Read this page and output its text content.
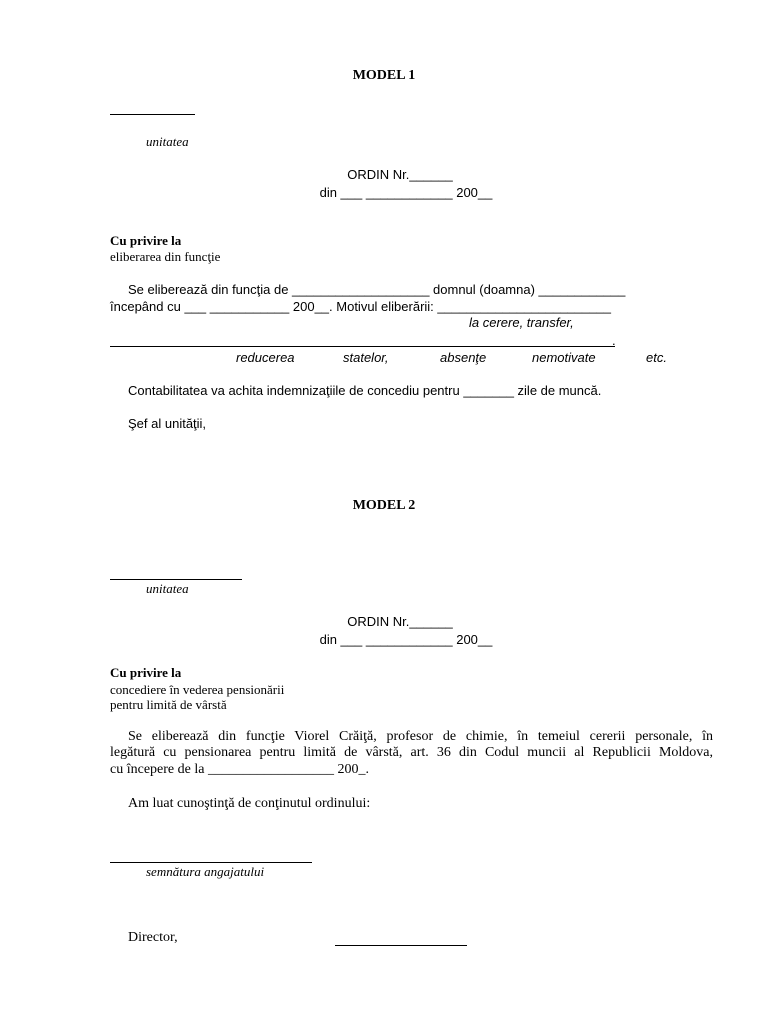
MODEL 1
unitatea
ORDIN Nr.______
din ___ ____________ 200__
Cu privire la
eliberarea din funcţie
Se eliberează din funcţia de ___________________ domnul (doamna) ____________
începând cu ___ ___________ 200__. Motivul eliberării: ________________________
la cerere, transfer,
.
reducerea	statelor,	absenţe	nemotivate	etc.
Contabilitatea va achita indemnizaţiile de concediu pentru _______ zile de muncă.
Şef al unităţii,
MODEL 2
unitatea
ORDIN Nr.______
din ___ ____________ 200__
Cu privire la
concediere în vederea pensionării
pentru limită de vârstă
Se eliberează din funcţie Viorel Crăiţă, profesor de chimie, în temeiul cererii personale, în
legătură cu pensionarea pentru limită de vârstă, art. 36 din Codul muncii al Republicii Moldova,
cu începere de la __________________ 200_.
Am luat cunoştinţă de conţinutul ordinului:
semnătura angajatului
Director,
